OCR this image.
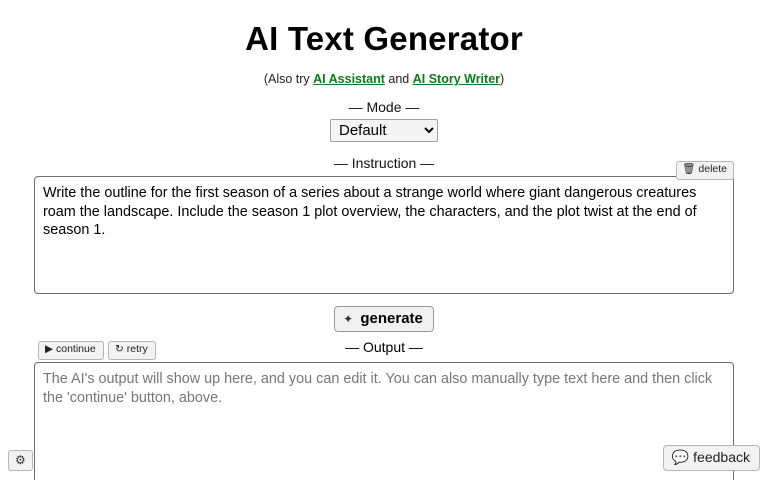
AI Text Generator
(Also try AI Assistant and AI Story Writer)
— Mode —
Default
— Instruction —	🗑 delete
Write the outline for the first season of a series about a strange world where giant dangerous creatures roam the landscape. Include the season 1 plot overview, the characters, and the plot twist at the end of season 1.
✦ generate
▶ continue	↻ retry	— Output —
The AI's output will show up here, and you can edit it. You can also manually type text here and then click the 'continue' button, above.
⚙	💬 feedback
